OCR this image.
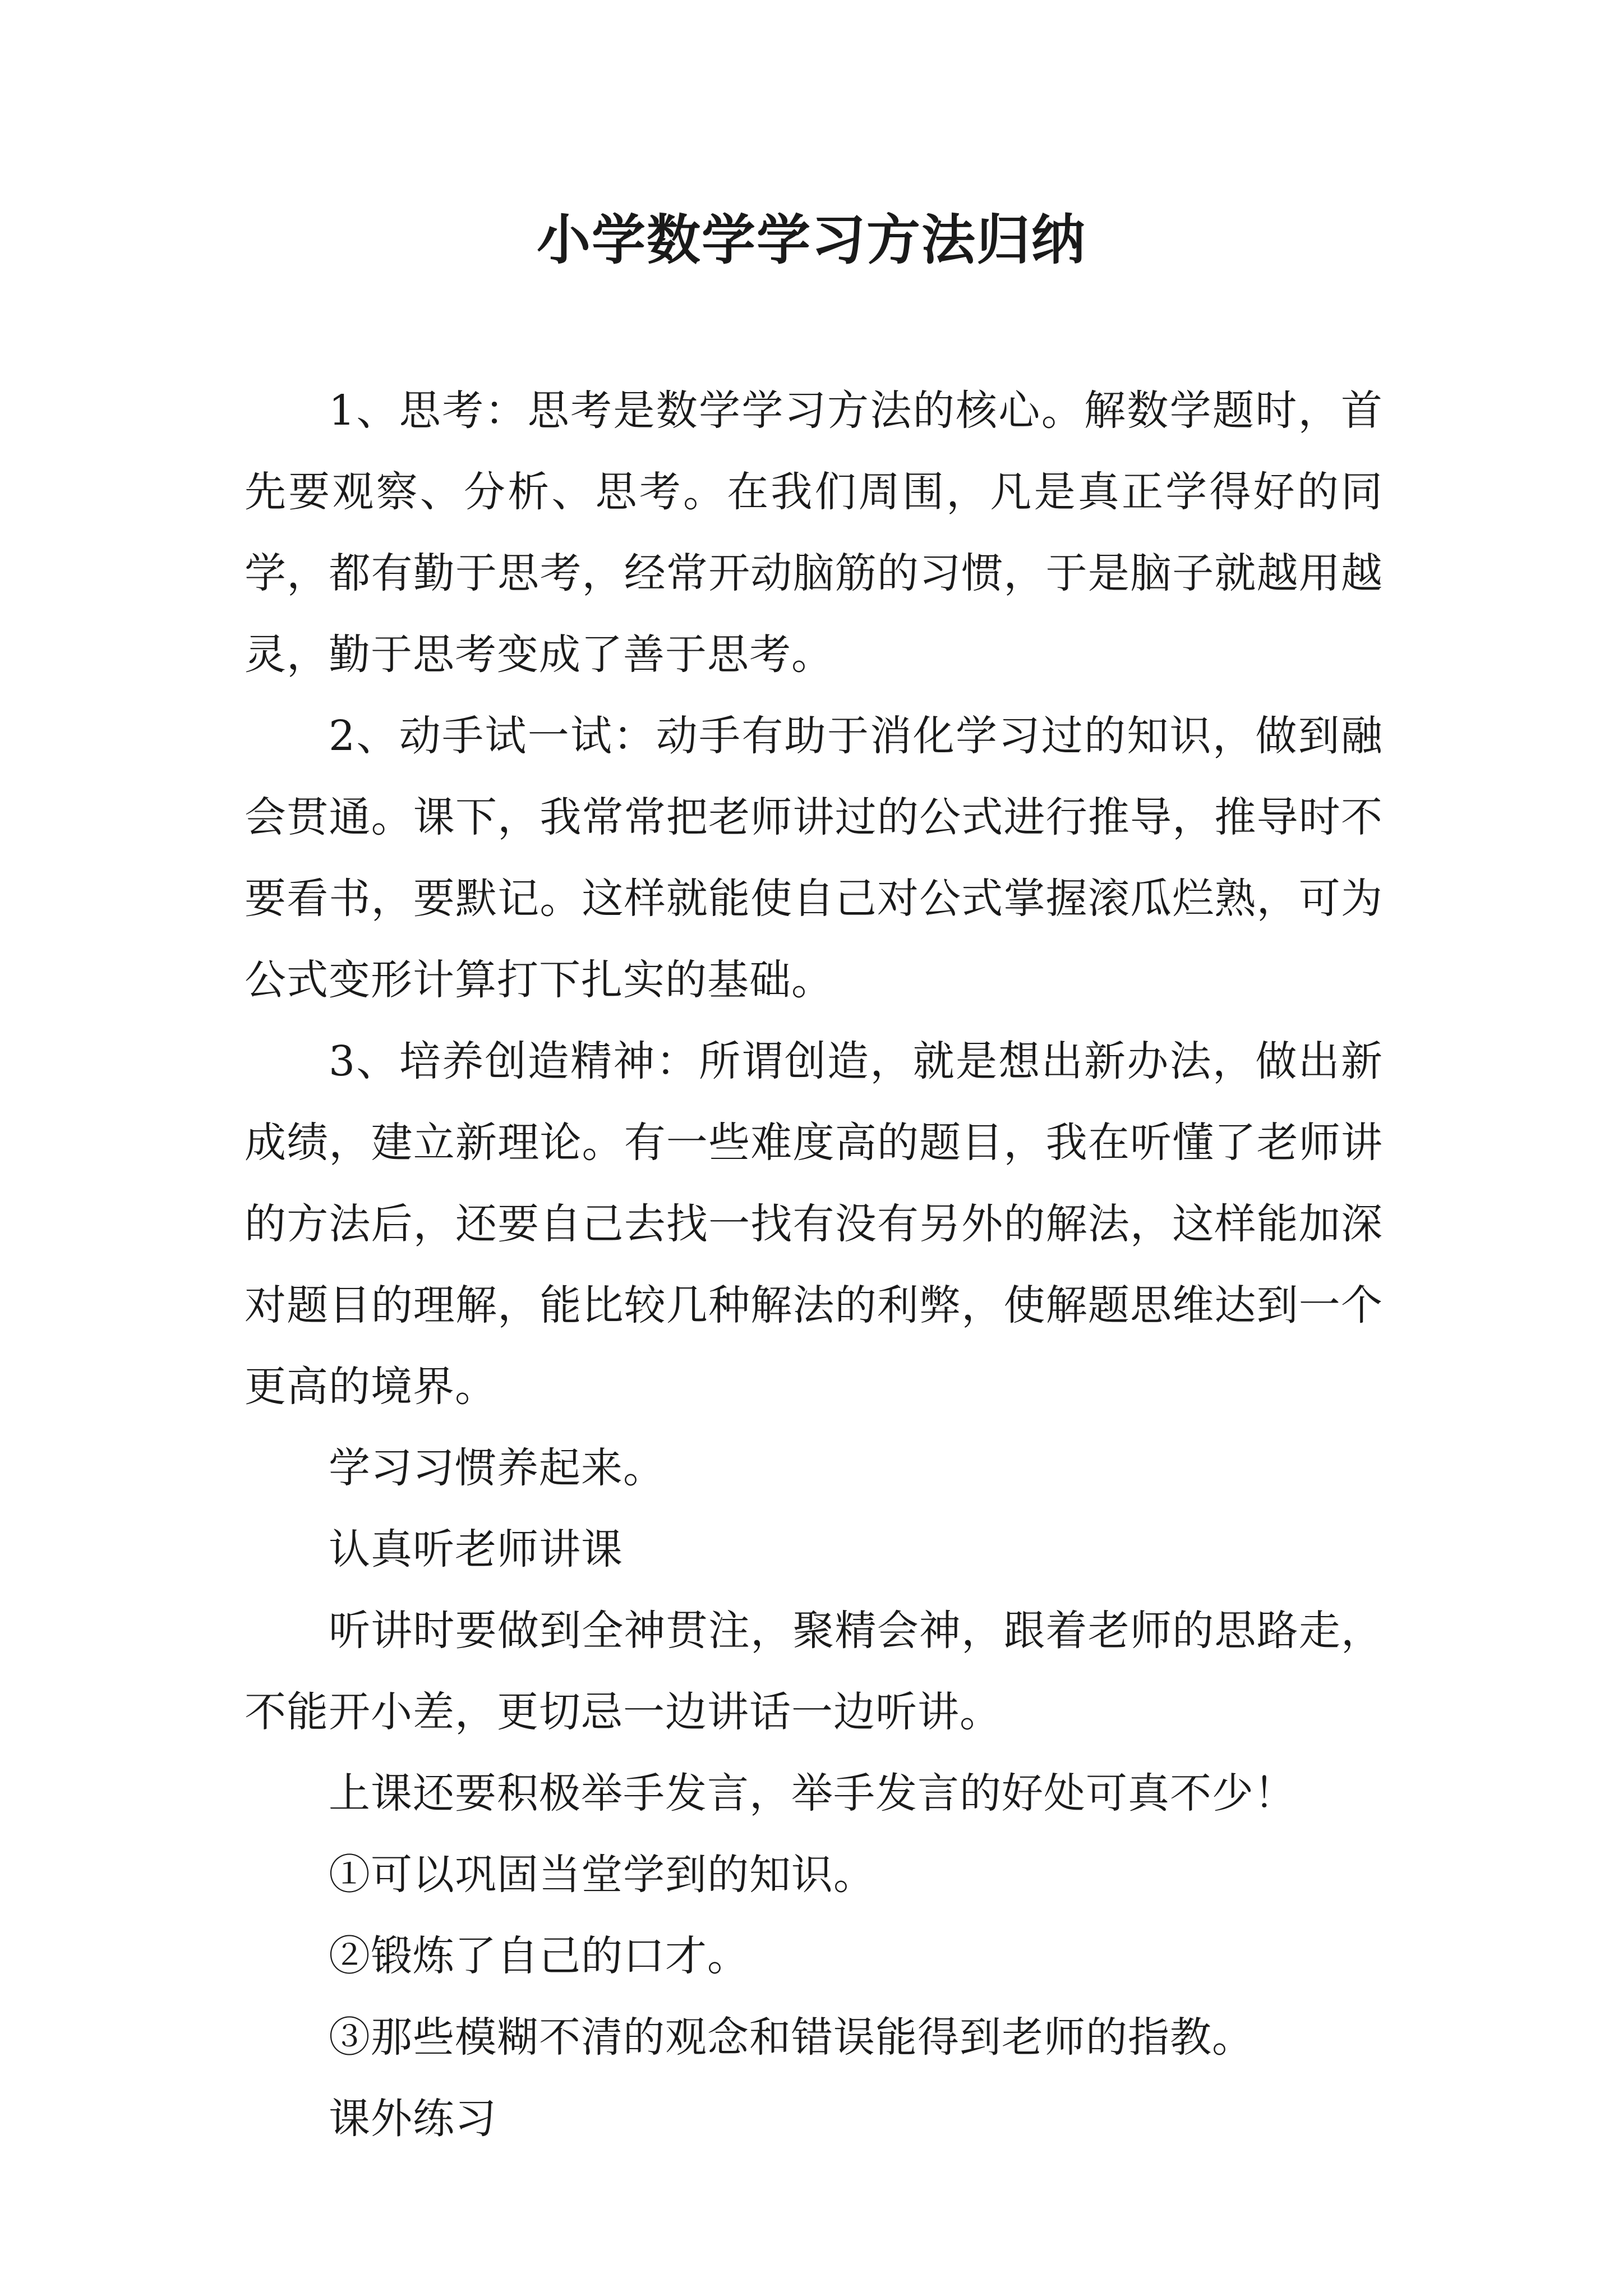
小学数学学习方法归纳

1、思考：思考是数学学习方法的核心。解数学题时，首先要观察、分析、思考。在我们周围，凡是真正学得好的同学，都有勤于思考，经常开动脑筋的习惯，于是脑子就越用越灵，勤于思考变成了善于思考。

2、动手试一试：动手有助于消化学习过的知识，做到融会贯通。课下，我常常把老师讲过的公式进行推导，推导时不要看书，要默记。这样就能使自己对公式掌握滚瓜烂熟，可为公式变形计算打下扎实的基础。

3、培养创造精神：所谓创造，就是想出新办法，做出新成绩，建立新理论。有一些难度高的题目，我在听懂了老师讲的方法后，还要自己去找一找有没有另外的解法，这样能加深对题目的理解，能比较几种解法的利弊，使解题思维达到一个更高的境界。

学习习惯养起来。

认真听老师讲课

听讲时要做到全神贯注，聚精会神，跟着老师的思路走，不能开小差，更切忌一边讲话一边听讲。

上课还要积极举手发言，举手发言的好处可真不少！

①可以巩固当堂学到的知识。

②锻炼了自己的口才。

③那些模糊不清的观念和错误能得到老师的指教。

课外练习
